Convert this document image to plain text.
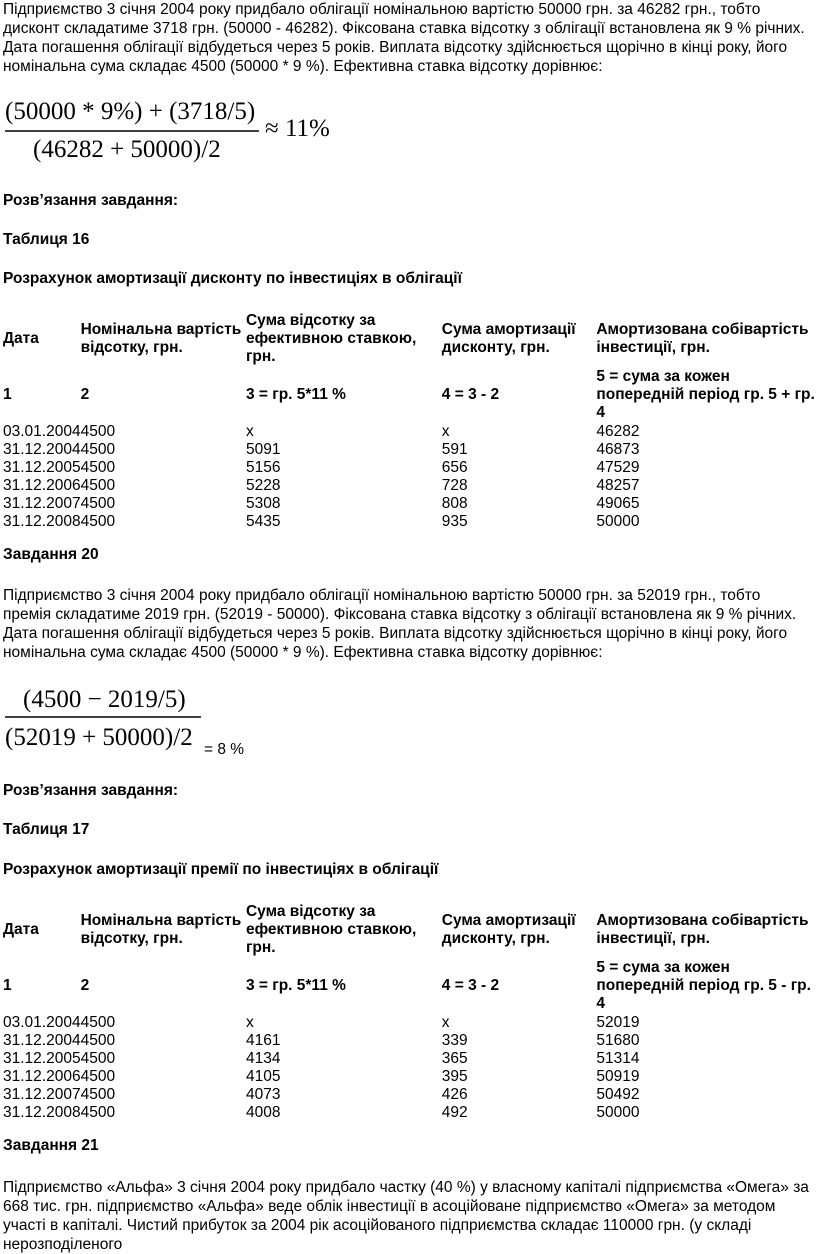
Підприємство 3 січня 2004 року придбало облігації номінальною вартістю 50000 грн. за 46282 грн., тобто дисконт складатиме 3718 грн. (50000 - 46282). Фіксована ставка відсотку з облігації встановлена як 9 % річних. Дата погашення облігації відбудеться через 5 років. Виплата відсотку здійснюється щорічно в кінці року, його номінальна сума складає 4500 (50000 * 9 %). Ефективна ставка відсотку дорівнює:

(50000 * 9%) + (3718/5)
(46282 + 50000)/2
≈ 11%

Розв’язання завдання:

Таблиця 16

Розрахунок амортизації дисконту по інвестиціях в облігації

Дата	Номінальна вартість відсотку, грн.	Сума відсотку за ефективною ставкою, грн.	Сума амортизації дисконту, грн.	Амортизована собівартість інвестиції, грн.
1	2	3 = гр. 5*11 %	4 = 3 - 2	5 = сума за кожен попередній період гр. 5 + гр. 4
03.01.2004	4500	х	х	46282
31.12.2004	4500	5091	591	46873
31.12.2005	4500	5156	656	47529
31.12.2006	4500	5228	728	48257
31.12.2007	4500	5308	808	49065
31.12.2008	4500	5435	935	50000

Завдання 20

Підприємство 3 січня 2004 року придбало облігації номінальною вартістю 50000 грн. за 52019 грн., тобто премія складатиме 2019 грн. (52019 - 50000). Фіксована ставка відсотку з облігації встановлена як 9 % річних. Дата погашення облігації відбудеться через 5 років. Виплата відсотку здійснюється щорічно в кінці року, його номінальна сума складає 4500 (50000 * 9 %). Ефективна ставка відсотку дорівнює:

(4500 − 2019/5)
(52019 + 50000)/2 = 8 %

Розв’язання завдання:

Таблиця 17

Розрахунок амортизації премії по інвестиціях в облігації

Дата	Номінальна вартість відсотку, грн.	Сума відсотку за ефективною ставкою, грн.	Сума амортизації дисконту, грн.	Амортизована собівартість інвестиції, грн.
1	2	3 = гр. 5*11 %	4 = 3 - 2	5 = сума за кожен попередній період гр. 5 - гр. 4
03.01.2004	4500	х	х	52019
31.12.2004	4500	4161	339	51680
31.12.2005	4500	4134	365	51314
31.12.2006	4500	4105	395	50919
31.12.2007	4500	4073	426	50492
31.12.2008	4500	4008	492	50000

Завдання 21

Підприємство «Альфа» 3 січня 2004 року придбало частку (40 %) у власному капіталі підприємства «Омега» за 668 тис. грн. підприємство «Альфа» веде облік інвестиції в асоційоване підприємство «Омега» за методом участі в капіталі. Чистий прибуток за 2004 рік асоційованого підприємства складає 110000 грн. (у складі нерозподіленого
